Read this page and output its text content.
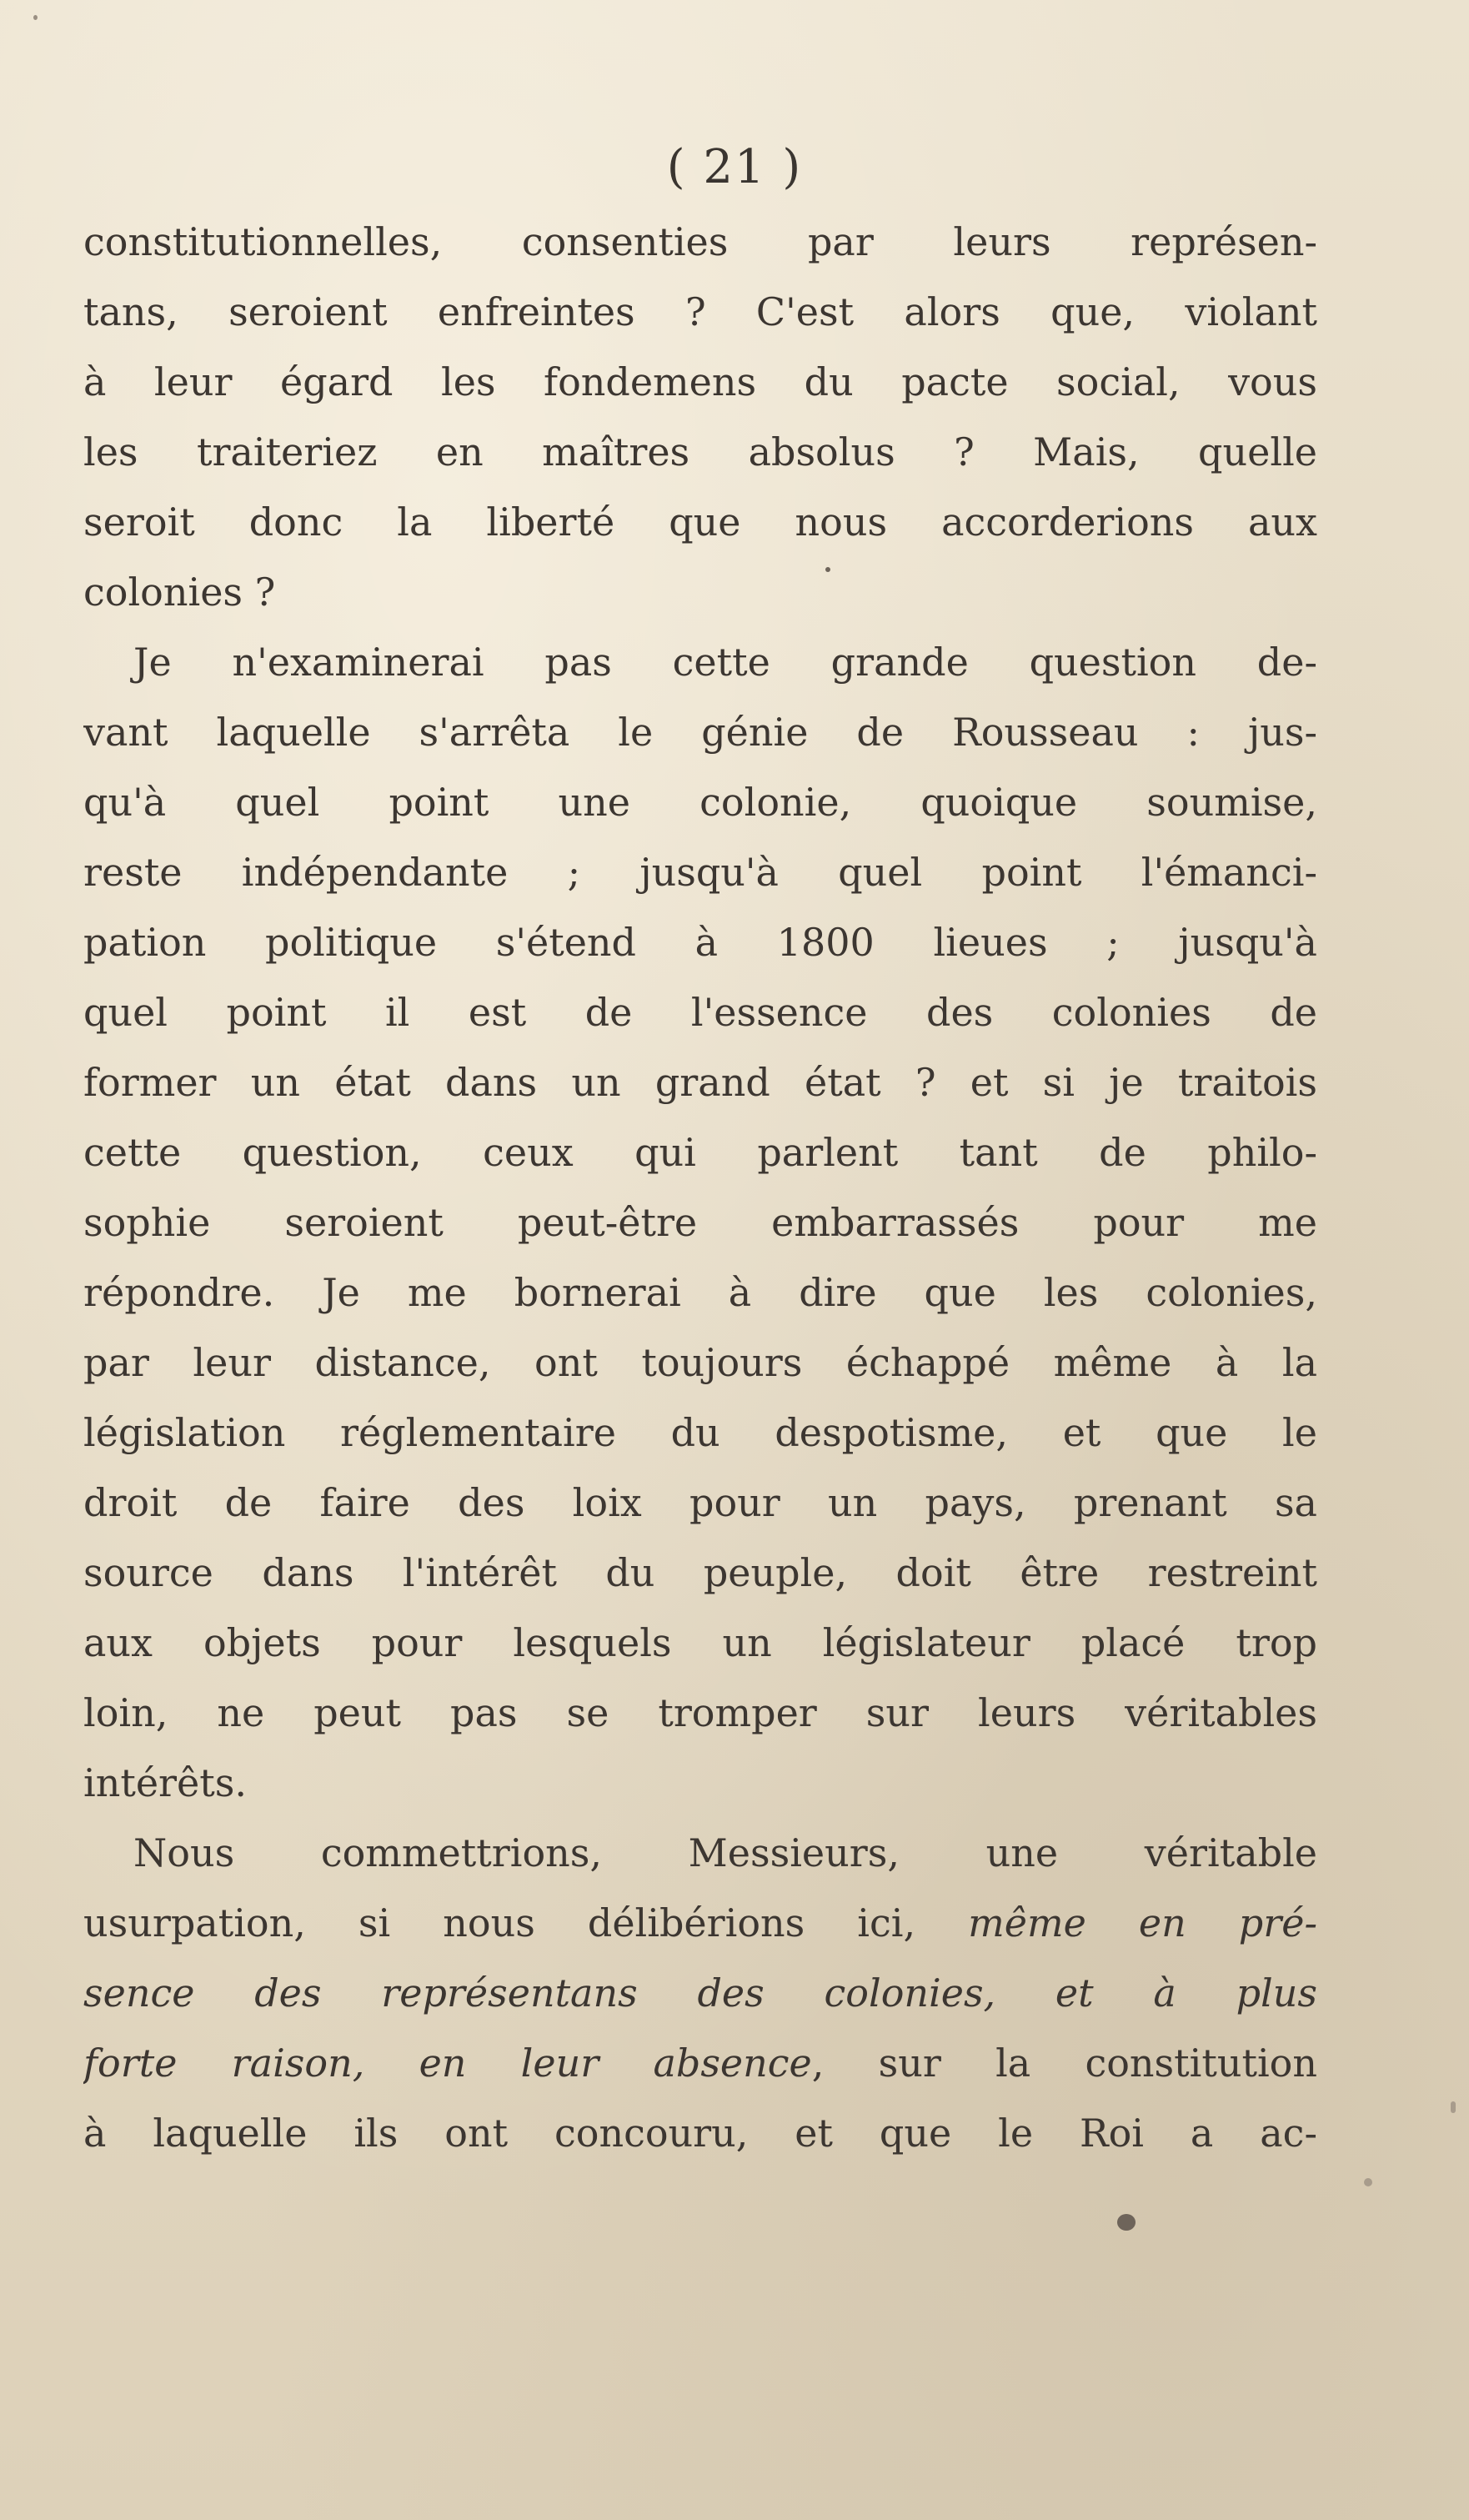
( 21 )
constitutionnelles, consenties par leurs représen-
tans, seroient enfreintes ? C'est alors que, violant
à leur égard les fondemens du pacte social, vous
les traiteriez en maîtres absolus ? Mais, quelle
seroit donc la liberté que nous accorderions aux
colonies ?
Je n'examinerai pas cette grande question de-
vant laquelle s'arrêta le génie de Rousseau : jus-
qu'à quel point une colonie, quoique soumise,
reste indépendante ; jusqu'à quel point l'émanci-
pation politique s'étend à 1800 lieues ; jusqu'à
quel point il est de l'essence des colonies de
former un état dans un grand état ? et si je traitois
cette question, ceux qui parlent tant de philo-
sophie seroient peut-être embarrassés pour me
répondre. Je me bornerai à dire que les colonies,
par leur distance, ont toujours échappé même à la
législation réglementaire du despotisme, et que le
droit de faire des loix pour un pays, prenant sa
source dans l'intérêt du peuple, doit être restreint
aux objets pour lesquels un législateur placé trop
loin, ne peut pas se tromper sur leurs véritables
intérêts.
Nous commettrions, Messieurs, une véritable
usurpation, si nous délibérions ici, même en pré-
sence des représentans des colonies, et à plus
forte raison, en leur absence, sur la constitution
à laquelle ils ont concouru, et que le Roi a ac-
